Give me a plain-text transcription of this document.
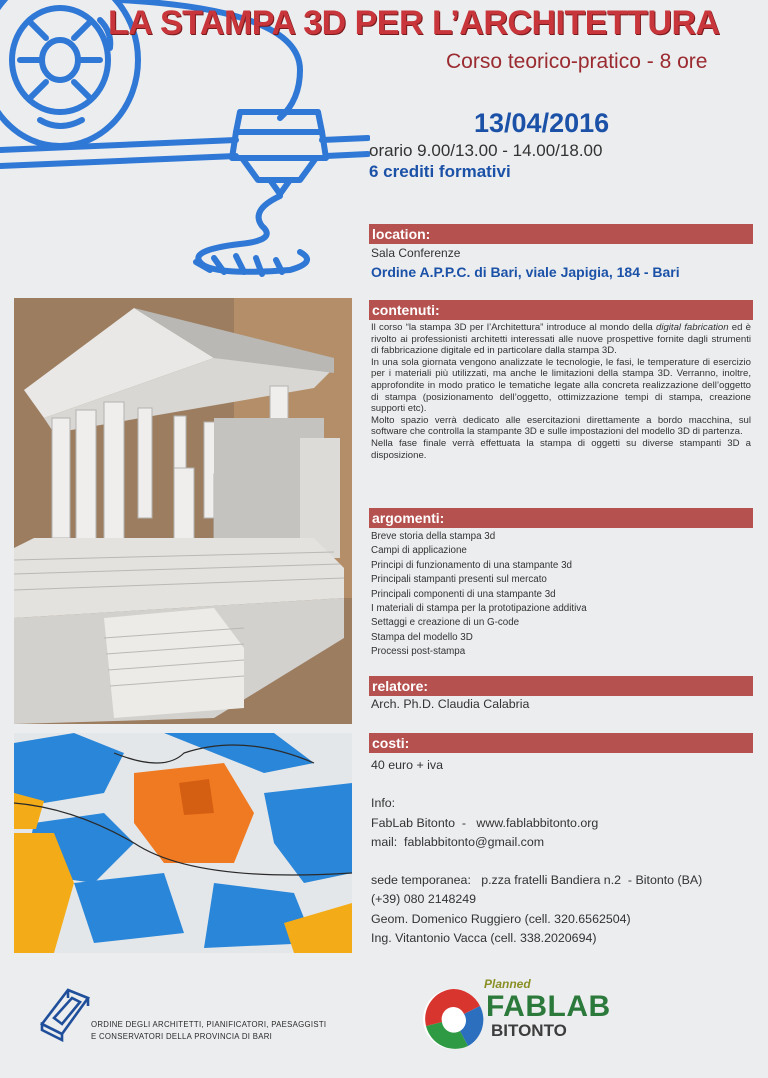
LA STAMPA 3D PER L’ARCHITETTURA
Corso teorico-pratico - 8 ore
13/04/2016
orario 9.00/13.00 - 14.00/18.00
6 crediti formativi
location:
Sala Conferenze
Ordine A.P.P.C. di Bari, viale Japigia, 184 - Bari
contenuti:

Il corso “la stampa 3D per l’Architettura” introduce al mondo della digital fabrication ed è rivolto ai professionisti architetti interessati alle nuove prospettive fornite dagli strumenti di fabbricazione digitale ed in particolare dalla stampa 3D.

In una sola giornata vengono analizzate le tecnologie, le fasi, le temperature di esercizio per i materiali più utilizzati, ma anche le limitazioni della stampa 3D. Verranno, inoltre, approfondite in modo pratico le tematiche legate alla concreta realizzazione dell’oggetto di stampa (posizionamento dell’oggetto, ottimizzazione tempi di stampa, creazione supporti etc).

Molto spazio verrà dedicato alle esercitazioni direttamente a bordo macchina, sul software che controlla la stampante 3D e sulle impostazioni del modello 3D di partenza.

Nella fase finale verrà effettuata la stampa di oggetti su diverse stampanti 3D a disposizione.

argomenti:
Breve storia della stampa 3d
Campi di applicazione
Principi di funzionamento di una stampante 3d
Principali stampanti presenti sul mercato
Principali componenti di una stampante 3d
I materiali di stampa per la prototipazione additiva
Settaggi e creazione di un G-code
Stampa del modello 3D
Processi post-stampa
relatore:
Arch. Ph.D. Claudia Calabria
costi:
40 euro + iva

Info:
FabLab Bitonto  -   www.fablabbitonto.org
mail:  fablabbitonto@gmail.com

sede temporanea:   p.zza fratelli Bandiera n.2  - Bitonto (BA)
(+39) 080 2148249
Geom. Domenico Ruggiero (cell. 320.6562504)
Ing. Vitantonio Vacca (cell. 338.2020694)
ORDINE DEGLI ARCHITETTI, PIANIFICATORI, PAESAGGISTI
E CONSERVATORI DELLA PROVINCIA DI BARI
Planned
FABLAB
BITONTO
